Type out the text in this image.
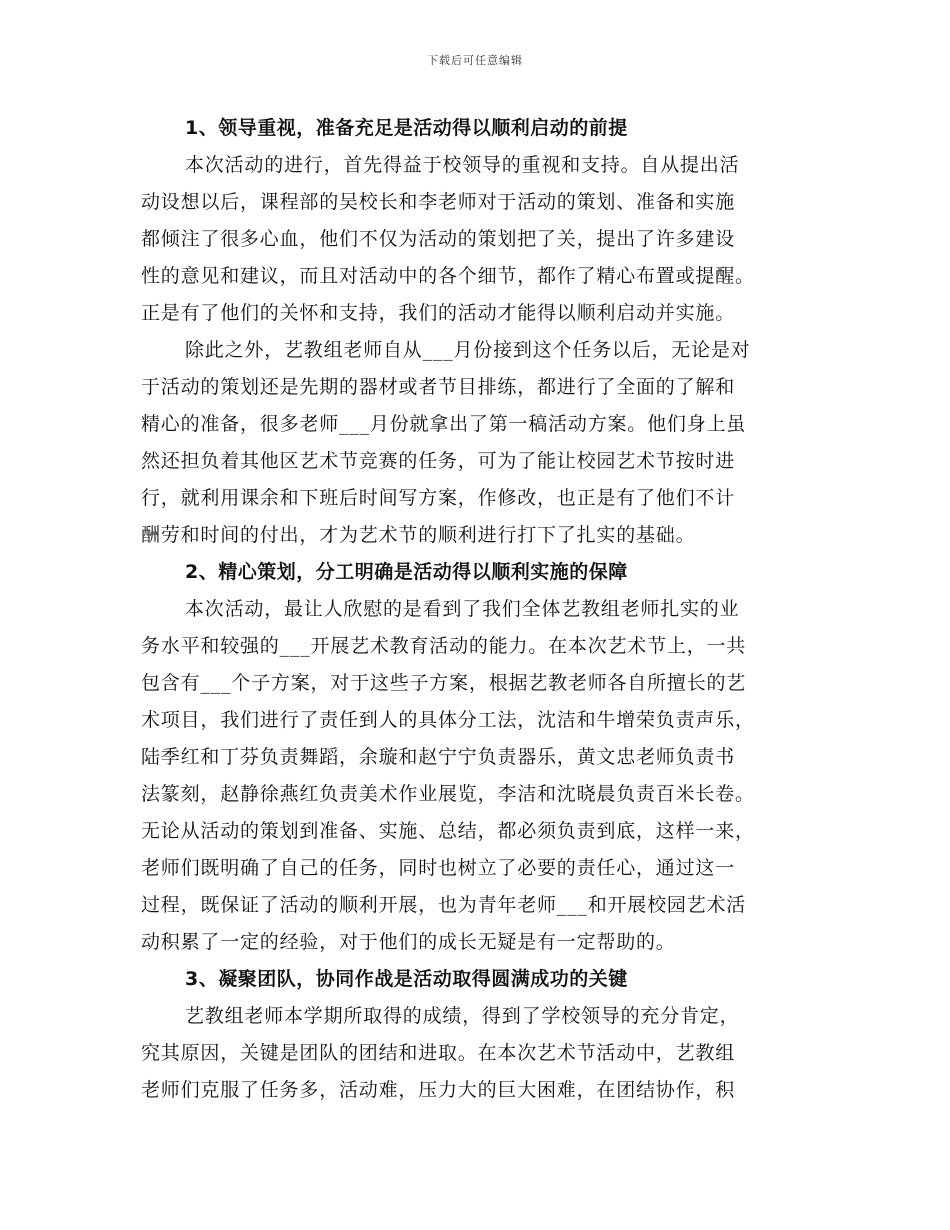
下载后可任意编辑
1、领导重视，准备充足是活动得以顺利启动的前提

本次活动的进行，首先得益于校领导的重视和支持。自从提出活
动设想以后，课程部的吴校长和李老师对于活动的策划、准备和实施
都倾注了很多心血，他们不仅为活动的策划把了关，提出了许多建设
性的意见和建议，而且对活动中的各个细节，都作了精心布置或提醒。
正是有了他们的关怀和支持，我们的活动才能得以顺利启动并实施。

除此之外，艺教组老师自从___月份接到这个任务以后，无论是对
于活动的策划还是先期的器材或者节目排练，都进行了全面的了解和
精心的准备，很多老师___月份就拿出了第一稿活动方案。他们身上虽
然还担负着其他区艺术节竞赛的任务，可为了能让校园艺术节按时进
行，就利用课余和下班后时间写方案，作修改，也正是有了他们不计
酬劳和时间的付出，才为艺术节的顺利进行打下了扎实的基础。

2、精心策划，分工明确是活动得以顺利实施的保障

本次活动，最让人欣慰的是看到了我们全体艺教组老师扎实的业
务水平和较强的___开展艺术教育活动的能力。在本次艺术节上，一共
包含有___个子方案，对于这些子方案，根据艺教老师各自所擅长的艺
术项目，我们进行了责任到人的具体分工法，沈洁和牛增荣负责声乐，
陆季红和丁芬负责舞蹈，余璇和赵宁宁负责器乐，黄文忠老师负责书
法篆刻，赵静徐燕红负责美术作业展览，李洁和沈晓晨负责百米长卷。
无论从活动的策划到准备、实施、总结，都必须负责到底，这样一来，
老师们既明确了自己的任务，同时也树立了必要的责任心，通过这一
过程，既保证了活动的顺利开展，也为青年老师___和开展校园艺术活
动积累了一定的经验，对于他们的成长无疑是有一定帮助的。

3、凝聚团队，协同作战是活动取得圆满成功的关键

艺教组老师本学期所取得的成绩，得到了学校领导的充分肯定，
究其原因，关键是团队的团结和进取。在本次艺术节活动中，艺教组
老师们克服了任务多，活动难，压力大的巨大困难，在团结协作，积
